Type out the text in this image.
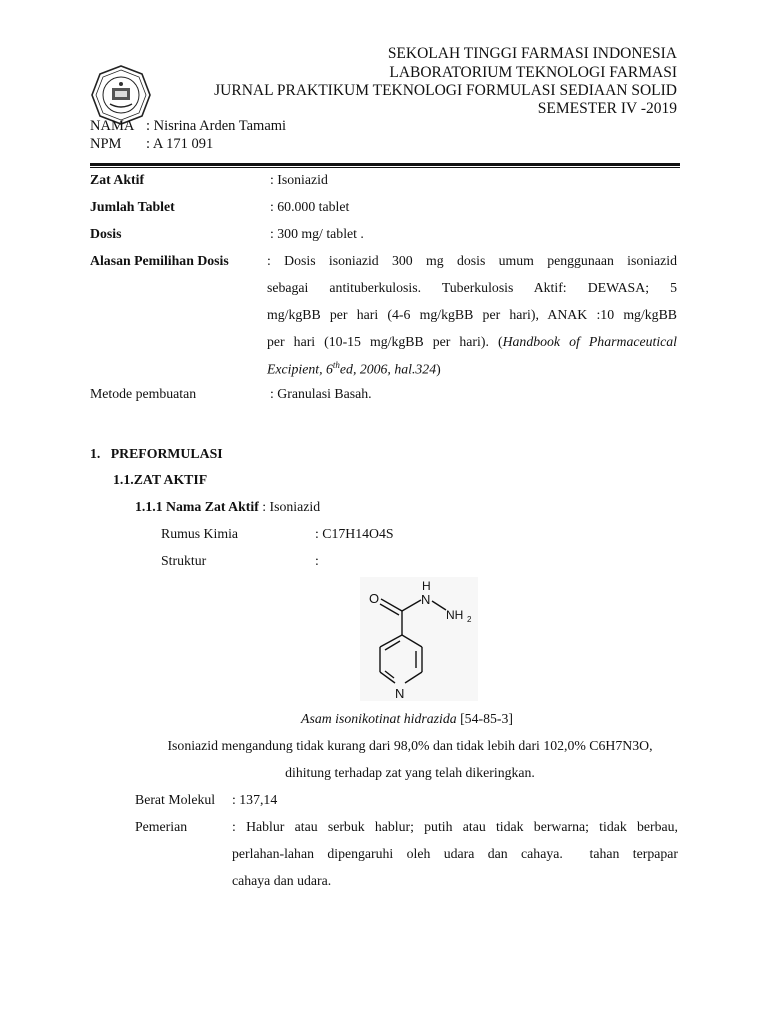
SEKOLAH TINGGI FARMASI INDONESIA
LABORATORIUM TEKNOLOGI FARMASI
JURNAL PRAKTIKUM TEKNOLOGI FORMULASI SEDIAAN SOLID
SEMESTER IV -2019
NAMA : Nisrina Arden Tamami
NPM : A 171 091
Zat Aktif	: Isoniazid
Jumlah Tablet	: 60.000 tablet
Dosis	: 300 mg/ tablet .
Alasan Pemilihan Dosis	: Dosis isoniazid 300 mg dosis umum penggunaan isoniazid
sebagai antituberkulosis. Tuberkulosis Aktif: DEWASA; 5
mg/kgBB per hari (4-6 mg/kgBB per hari), ANAK :10 mg/kgBB
per hari (10-15 mg/kgBB per hari). (Handbook of Pharmaceutical
Excipient, 6thed, 2006, hal.324)
Metode pembuatan	: Granulasi Basah.
1.   PREFORMULASI
1.1.ZAT AKTIF
1.1.1 Nama Zat Aktif : Isoniazid
Rumus Kimia	: C17H14O4S
Struktur	:
O
H
N
NH 2
N
Asam isonikotinat hidrazida [54-85-3]
Isoniazid mengandung tidak kurang dari 98,0% dan tidak lebih dari 102,0% C6H7N3O,
dihitung terhadap zat yang telah dikeringkan.
Berat Molekul : 137,14
Pemerian	: Hablur atau serbuk hablur; putih atau tidak berwarna; tidak berbau,
perlahan-lahan dipengaruhi oleh udara dan cahaya.  tahan terpapar
cahaya dan udara.
